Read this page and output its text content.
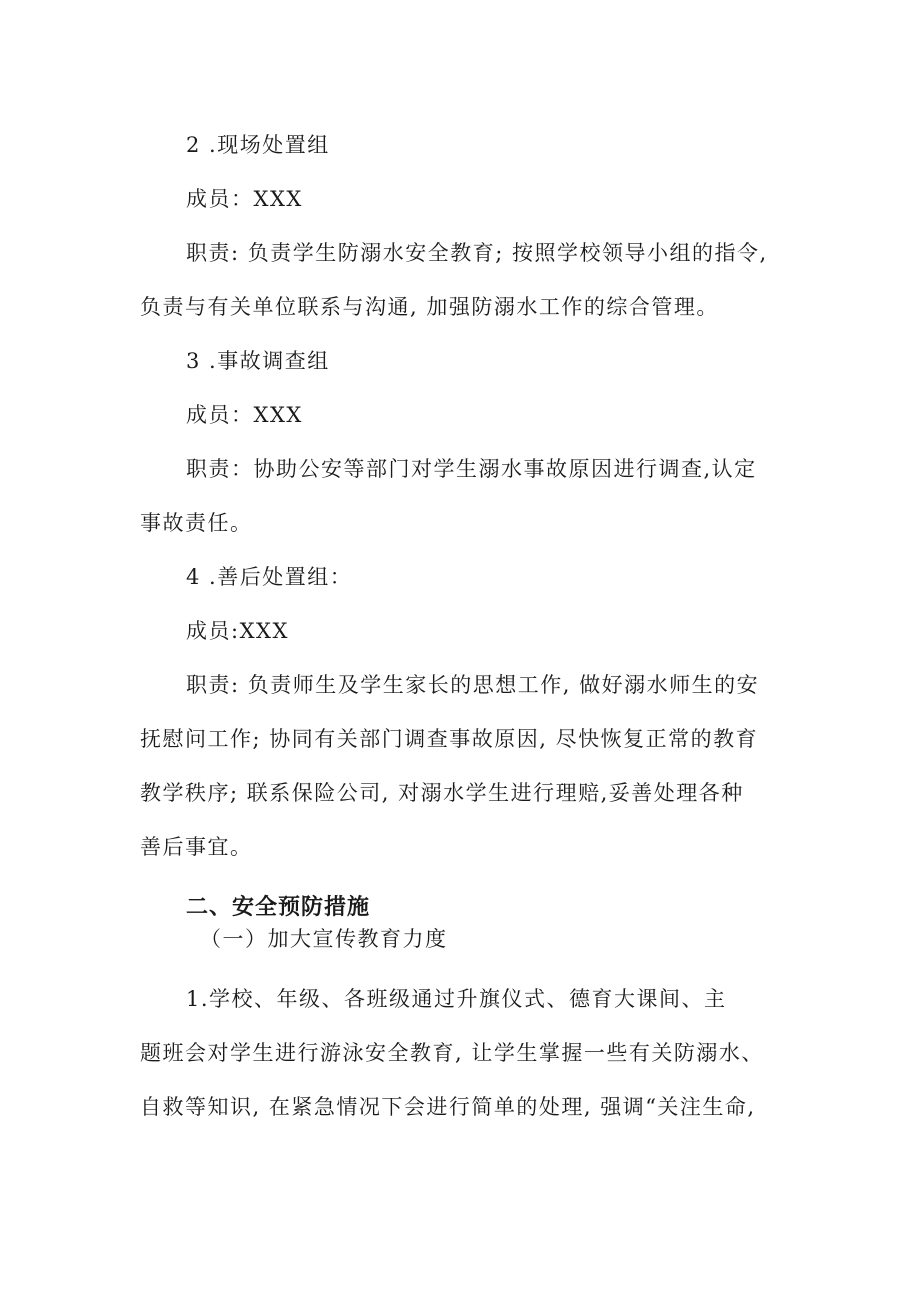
2 .现场处置组
成员：XXX
职责: 负责学生防溺水安全教育; 按照学校领导小组的指令,
负责与有关单位联系与沟通, 加强防溺水工作的综合管理。
3 .事故调查组
成员：XXX
职责：协助公安等部门对学生溺水事故原因进行调查,认定
事故责任。
4 .善后处置组：
成员:XXX
职责: 负责师生及学生家长的思想工作, 做好溺水师生的安
抚慰问工作; 协同有关部门调查事故原因, 尽快恢复正常的教育
教学秩序; 联系保险公司, 对溺水学生进行理赔,妥善处理各种
善后事宜。
二、安全预防措施
（一）加大宣传教育力度
1.学校、年级、各班级通过升旗仪式、德育大课间、主
题班会对学生进行游泳安全教育, 让学生掌握一些有关防溺水、
自救等知识, 在紧急情况下会进行简单的处理, 强调“关注生命,
